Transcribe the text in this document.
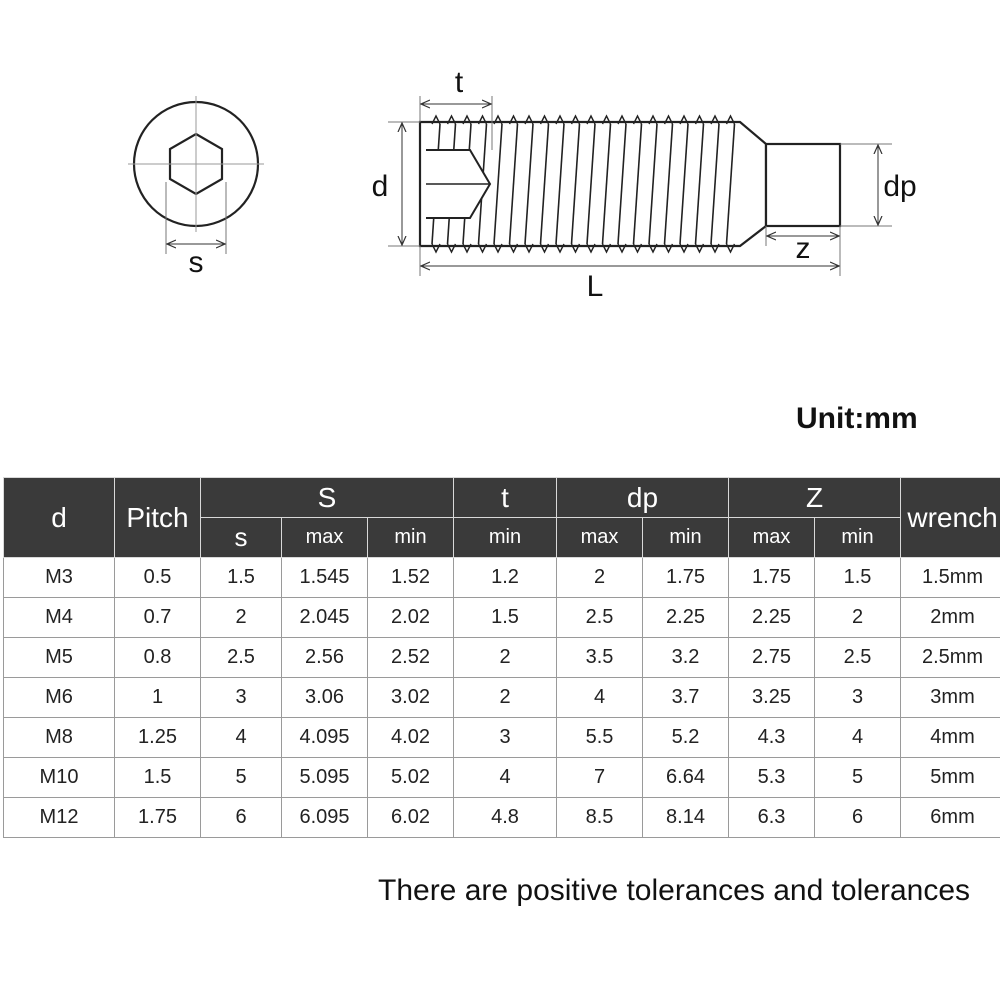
s
t
d	dp
z
L
Unit:mm
d	Pitch	S			t	dp		Z		wrench
		s	max	min	min	max	min	max	min	
M3	0.5	1.5	1.545	1.52	1.2	2	1.75	1.75	1.5	1.5mm
M4	0.7	2	2.045	2.02	1.5	2.5	2.25	2.25	2	2mm
M5	0.8	2.5	2.56	2.52	2	3.5	3.2	2.75	2.5	2.5mm
M6	1	3	3.06	3.02	2	4	3.7	3.25	3	3mm
M8	1.25	4	4.095	4.02	3	5.5	5.2	4.3	4	4mm
M10	1.5	5	5.095	5.02	4	7	6.64	5.3	5	5mm
M12	1.75	6	6.095	6.02	4.8	8.5	8.14	6.3	6	6mm
There are positive tolerances and tolerances
